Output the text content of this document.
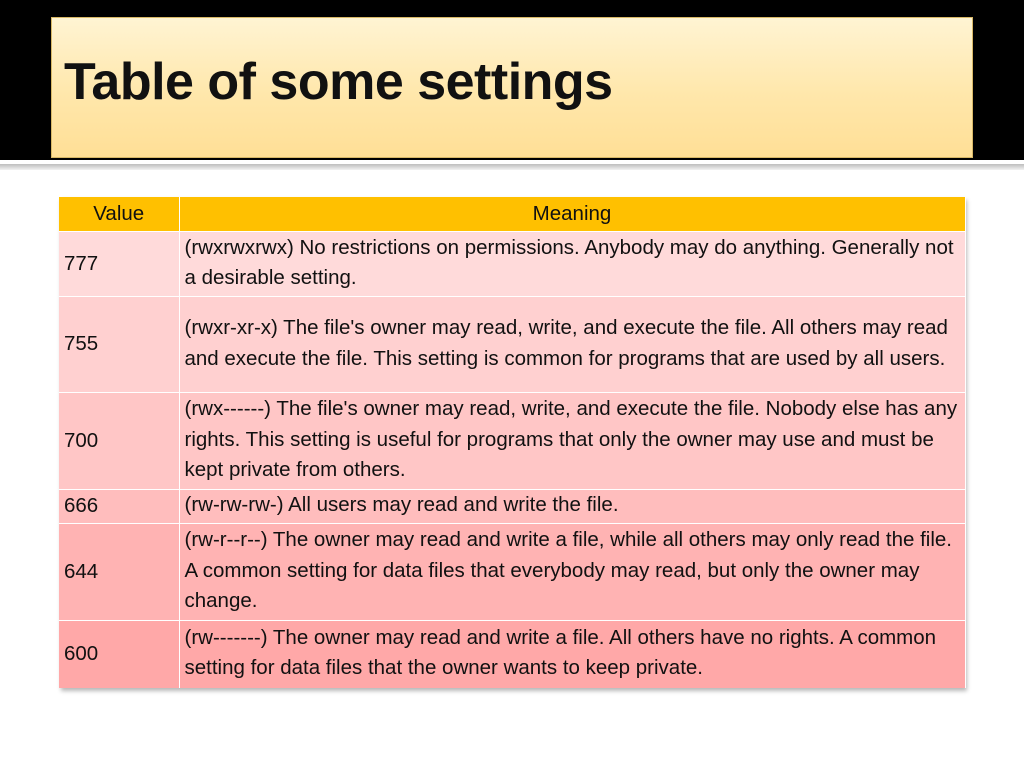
Table of some settings
Value	Meaning
777	(rwxrwxrwx) No restrictions on permissions. Anybody may do anything. Generally not a desirable setting.
755	(rwxr-xr-x) The file's owner may read, write, and execute the file. All others may read and execute the file. This setting is common for programs that are used by all users.
700	(rwx------) The file's owner may read, write, and execute the file. Nobody else has any rights. This setting is useful for programs that only the owner may use and must be kept private from others.
666	(rw-rw-rw-) All users may read and write the file.
644	(rw-r--r--) The owner may read and write a file, while all others may only read the file. A common setting for data files that everybody may read, but only the owner may change.
600	(rw-------) The owner may read and write a file. All others have no rights. A common setting for data files that the owner wants to keep private.
